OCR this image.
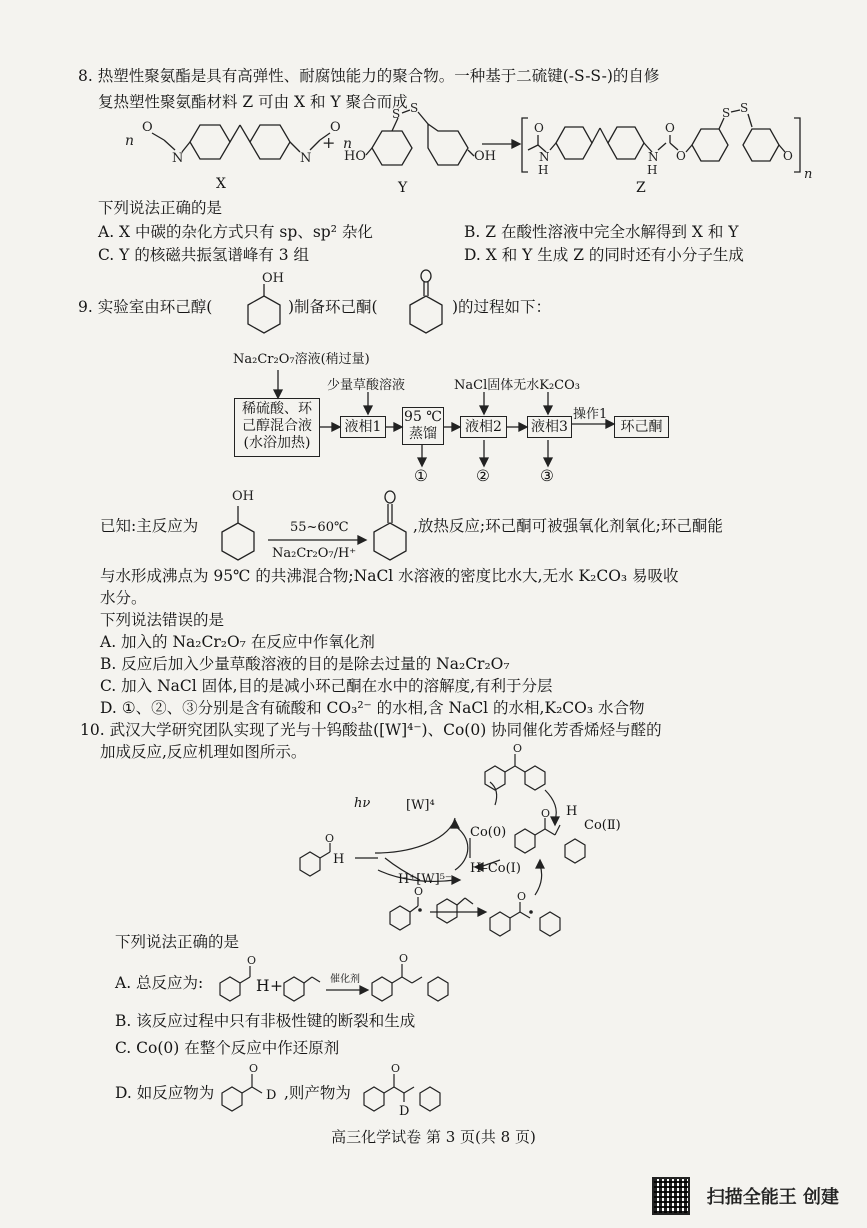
8. 热塑性聚氨酯是具有高弹性、耐腐蚀能力的聚合物。一种基于二硫键(-S-S-)的自修
复热塑性聚氨酯材料 Z 可由 X 和 Y 聚合而成
n
O
N	N
O
+ n
HO
S S
OH
O
N
H
N
H
O
O
S S
O
n
X	Y	Z
下列说法正确的是
A. X 中碳的杂化方式只有 sp、sp² 杂化	B. Z 在酸性溶液中完全水解得到 X 和 Y
C. Y 的核磁共振氢谱峰有 3 组	D. X 和 Y 生成 Z 的同时还有小分子生成
9. 实验室由环己醇(	)制备环己酮(	)的过程如下：
OH
OH
Na₂Cr₂O₇溶液(稍过量)
少量草酸溶液	NaCl固体无水K₂CO₃
稀硫酸、环
己醇混合液
(水浴加热)
液相1
95 ℃
蒸馏	液相2	液相3
操作1
环己酮
①	②	③
已知:主反应为	55~60℃
Na₂Cr₂O₇/H⁺
,放热反应;环己酮可被强氧化剂氧化;环己酮能
与水形成沸点为 95℃ 的共沸混合物;NaCl 水溶液的密度比水大,无水 K₂CO₃ 易吸收
水分。
下列说法错误的是
A. 加入的 Na₂Cr₂O₇ 在反应中作氧化剂
B. 反应后加入少量草酸溶液的目的是除去过量的 Na₂Cr₂O₇
C. 加入 NaCl 固体,目的是减小环己酮在水中的溶解度,有利于分层
D. ①、②、③分别是含有硫酸和 CO₃²⁻ 的水相,含 NaCl 的水相,K₂CO₃ 水合物
10. 武汉大学研究团队实现了光与十钨酸盐([W]⁴⁻)、Co(0) 协同催化芳香烯烃与醛的
加成反应,反应机理如图所示。	O
O
O	O
O
hν	[W]⁴
H⁺[W]⁵⁻
Co(0)
H–Co(Ⅰ)
Co(Ⅱ)
H
H
下列说法正确的是
A. 总反应为:
O	O
O	O
H +	催化剂
B. 该反应过程中只有非极性键的断裂和生成
C. Co(0) 在整个反应中作还原剂
D. 如反应物为	D ,则产物为
D
高三化学试卷 第 3 页(共 8 页)
扫描全能王 创建
